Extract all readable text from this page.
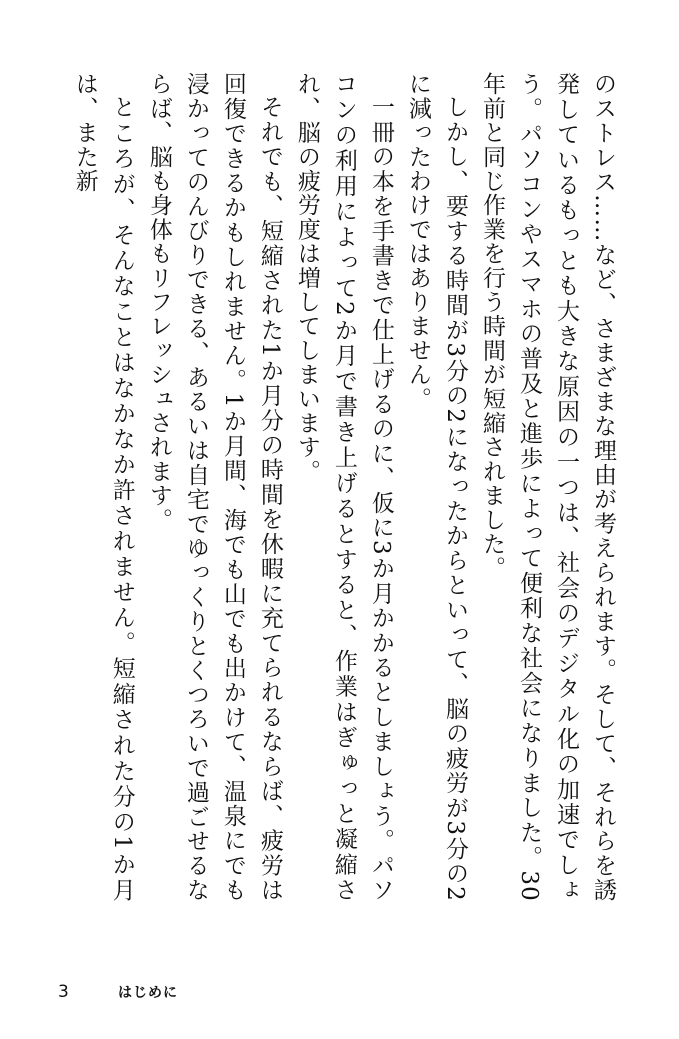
のストレス……など、さまざまな理由が考えられます。そして、それらを誘発しているもっとも大きな原因の一つは、社会のデジタル化の加速でしょう。パソコンやスマホの普及と進歩によって便利な社会になりました。30年前と同じ作業を行う時間が短縮されました。

しかし、要する時間が3分の2になったからといって、脳の疲労が3分の2に減ったわけではありません。

一冊の本を手書きで仕上げるのに、仮に3か月かかるとしましょう。パソコンの利用によって2か月で書き上げるとすると、作業はぎゅっと凝縮され、脳の疲労度は増してしまいます。

それでも、短縮された1か月分の時間を休暇に充てられるならば、疲労は回復できるかもしれません。1か月間、海でも山でも出かけて、温泉にでも浸かってのんびりできる、あるいは自宅でゆっくりとくつろいで過ごせるならば、脳も身体もリフレッシュされます。

ところが、そんなことはなかなか許されません。短縮された分の1か月は、また新

3	はじめに
